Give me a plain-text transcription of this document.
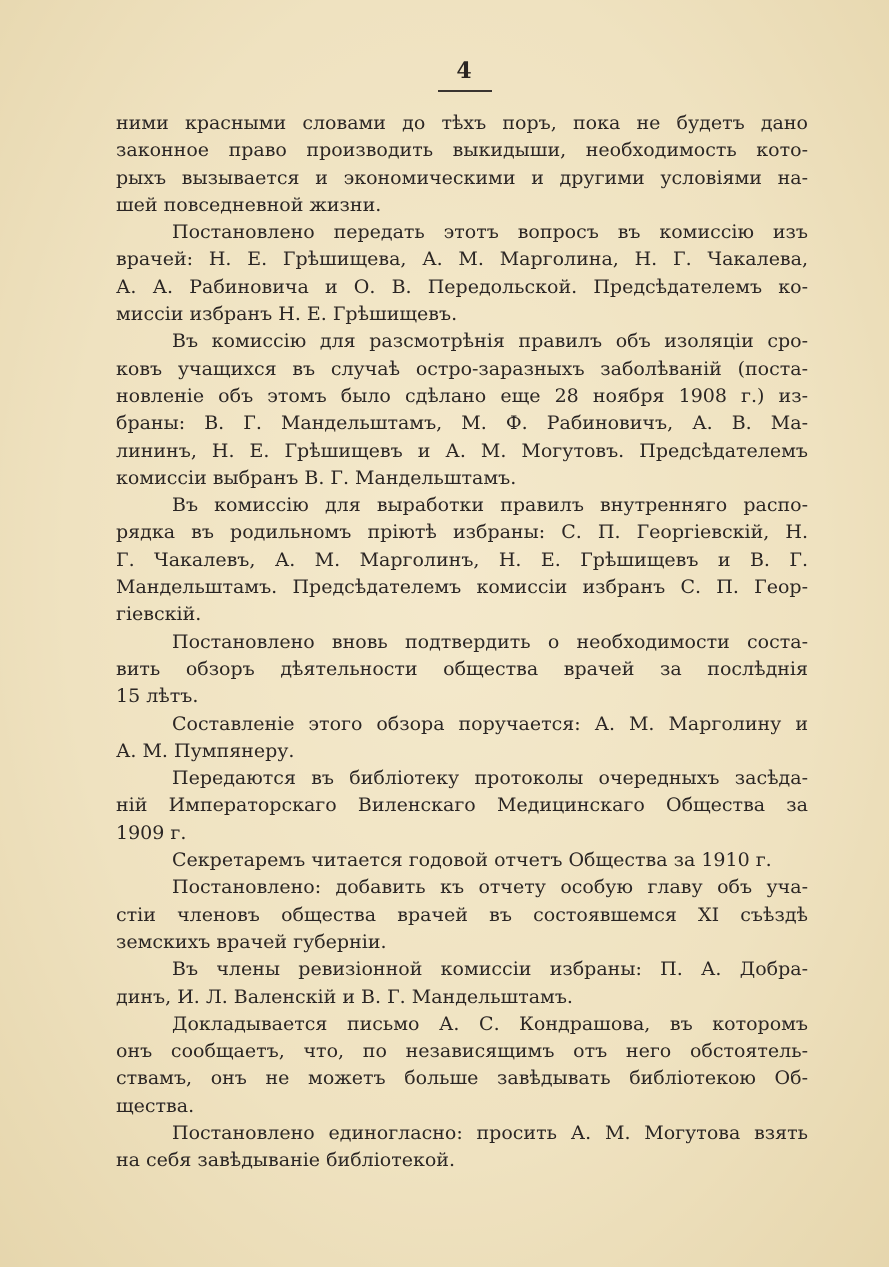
4
ними красными словами до тѣхъ поръ, пока не будетъ дано
законное право производить выкидыши, необходимость кото-
рыхъ вызывается и экономическими и другими условіями на-
шей повседневной жизни.
Постановлено передать этотъ вопросъ въ комиссію изъ
врачей: Н. Е. Грѣшищева, А. М. Марголина, Н. Г. Чакалева,
А. А. Рабиновича и О. В. Передольской. Предсѣдателемъ ко-
миссіи избранъ Н. Е. Грѣшищевъ.
Въ комиссію для разсмотрѣнія правилъ объ изоляціи сро-
ковъ учащихся въ случаѣ остро-заразныхъ заболѣваній (поста-
новленіе объ этомъ было сдѣлано еще 28 ноября 1908 г.) из-
браны: В. Г. Мандельштамъ, М. Ф. Рабиновичъ, А. В. Ма-
лининъ, Н. Е. Грѣшищевъ и А. М. Могутовъ. Предсѣдателемъ
комиссіи выбранъ В. Г. Мандельштамъ.
Въ комиссію для выработки правилъ внутренняго распо-
рядка въ родильномъ пріютѣ избраны: С. П. Георгіевскій, Н.
Г. Чакалевъ, А. М. Марголинъ, Н. Е. Грѣшищевъ и В. Г.
Мандельштамъ. Предсѣдателемъ комиссіи избранъ С. П. Геор-
гіевскій.
Постановлено вновь подтвердить о необходимости соста-
вить обзоръ дѣятельности общества врачей за послѣднія
15 лѣтъ.
Составленіе этого обзора поручается: А. М. Марголину и
А. М. Пумпянеру.
Передаются въ библіотеку протоколы очередныхъ засѣда-
ній Императорскаго Виленскаго Медицинскаго Общества за
1909 г.
Секретаремъ читается годовой отчетъ Общества за 1910 г.
Постановлено: добавить къ отчету особую главу объ уча-
стіи членовъ общества врачей въ состоявшемся XI съѣздѣ
земскихъ врачей губерніи.
Въ члены ревизіонной комиссіи избраны: П. А. Добра-
динъ, И. Л. Валенскій и В. Г. Мандельштамъ.
Докладывается письмо А. С. Кондрашова, въ которомъ
онъ сообщаетъ, что, по независящимъ отъ него обстоятель-
ствамъ, онъ не можетъ больше завѣдывать библіотекою Об-
щества.
Постановлено единогласно: просить А. М. Могутова взять
на себя завѣдываніе библіотекой.
